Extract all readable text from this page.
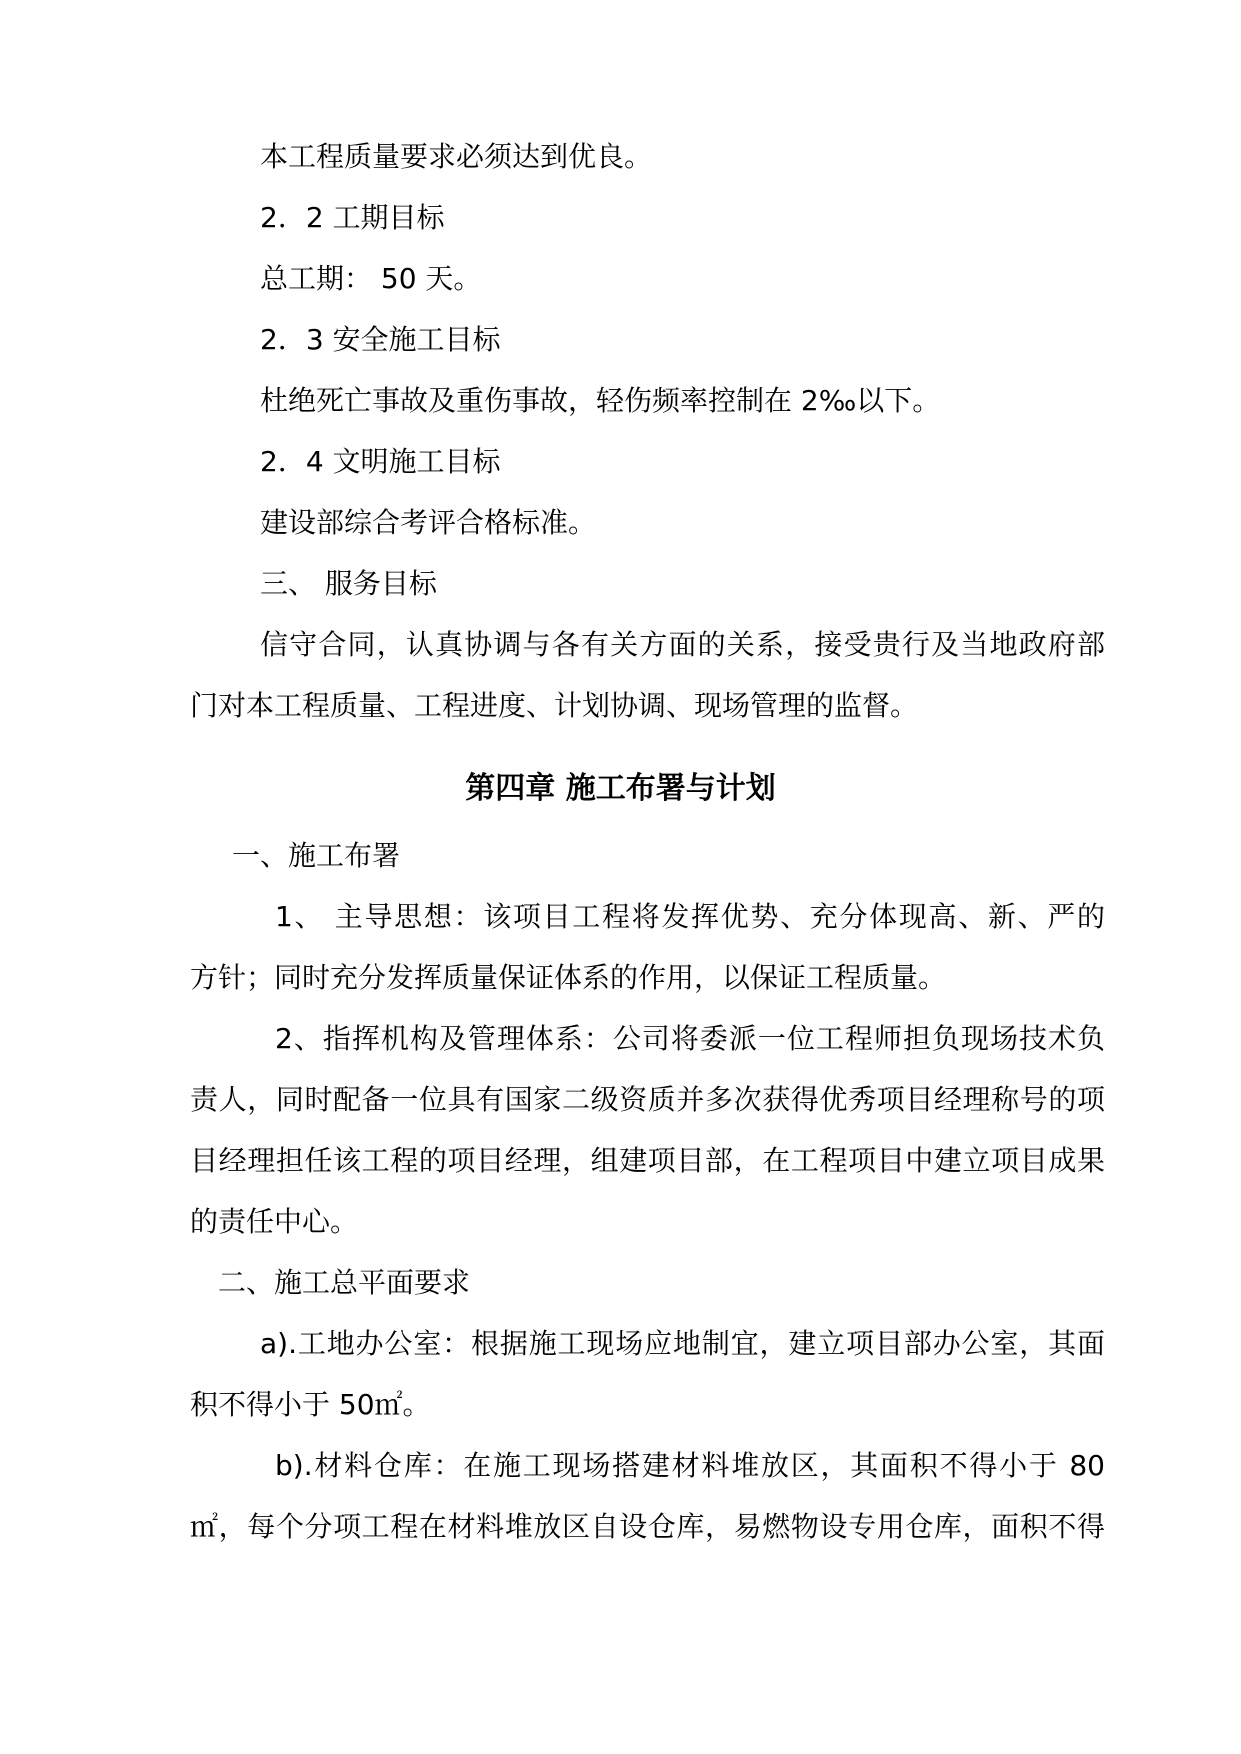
本工程质量要求必须达到优良。
2．2 工期目标
总工期： 50 天。
2．3 安全施工目标
杜绝死亡事故及重伤事故，轻伤频率控制在 2‰以下。
2．4 文明施工目标
建设部综合考评合格标准。
三、 服务目标
信守合同，认真协调与各有关方面的关系，接受贵行及当地政府部
门对本工程质量、工程进度、计划协调、现场管理的监督。
第四章 施工布署与计划
一、施工布署
1、 主导思想：该项目工程将发挥优势、充分体现高、新、严的
方针；同时充分发挥质量保证体系的作用，以保证工程质量。
2、指挥机构及管理体系：公司将委派一位工程师担负现场技术负
责人，同时配备一位具有国家二级资质并多次获得优秀项目经理称号的项
目经理担任该工程的项目经理，组建项目部，在工程项目中建立项目成果
的责任中心。
二、施工总平面要求
a).工地办公室：根据施工现场应地制宜，建立项目部办公室，其面
积不得小于 50㎡。
b).材料仓库：在施工现场搭建材料堆放区，其面积不得小于 80
㎡，每个分项工程在材料堆放区自设仓库，易燃物设专用仓库，面积不得
